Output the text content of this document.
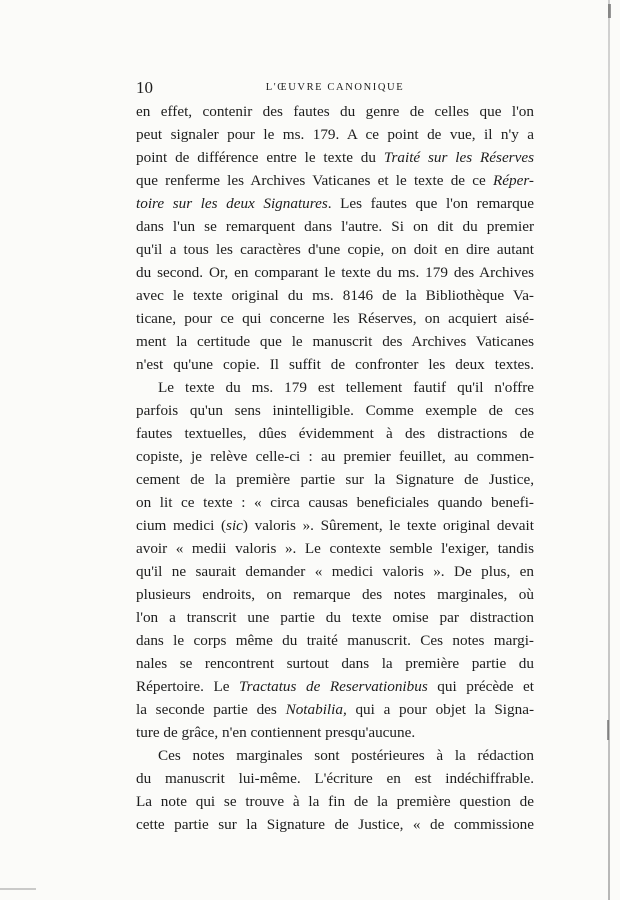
10	L'ŒUVRE CANONIQUE
en effet, contenir des fautes du genre de celles que l'on
peut signaler pour le ms. 179. A ce point de vue, il n'y a
point de différence entre le texte du Traité sur les Réserves
que renferme les Archives Vaticanes et le texte de ce Réper-
toire sur les deux Signatures. Les fautes que l'on remarque
dans l'un se remarquent dans l'autre. Si on dit du premier
qu'il a tous les caractères d'une copie, on doit en dire autant
du second. Or, en comparant le texte du ms. 179 des Archives
avec le texte original du ms. 8146 de la Bibliothèque Va-
ticane, pour ce qui concerne les Réserves, on acquiert aisé-
ment la certitude que le manuscrit des Archives Vaticanes
n'est qu'une copie. Il suffit de confronter les deux textes.
Le texte du ms. 179 est tellement fautif qu'il n'offre
parfois qu'un sens inintelligible. Comme exemple de ces
fautes textuelles, dûes évidemment à des distractions de
copiste, je relève celle-ci : au premier feuillet, au commen-
cement de la première partie sur la Signature de Justice,
on lit ce texte : « circa causas beneficiales quando benefi-
cium medici (sic) valoris ». Sûrement, le texte original devait
avoir « medii valoris ». Le contexte semble l'exiger, tandis
qu'il ne saurait demander « medici valoris ». De plus, en
plusieurs endroits, on remarque des notes marginales, où
l'on a transcrit une partie du texte omise par distraction
dans le corps même du traité manuscrit. Ces notes margi-
nales se rencontrent surtout dans la première partie du
Répertoire. Le Tractatus de Reservationibus qui précède et
la seconde partie des Notabilia, qui a pour objet la Signa-
ture de grâce, n'en contiennent presqu'aucune.
Ces notes marginales sont postérieures à la rédaction
du manuscrit lui-même. L'écriture en est indéchiffrable.
La note qui se trouve à la fin de la première question de
cette partie sur la Signature de Justice, « de commissione
